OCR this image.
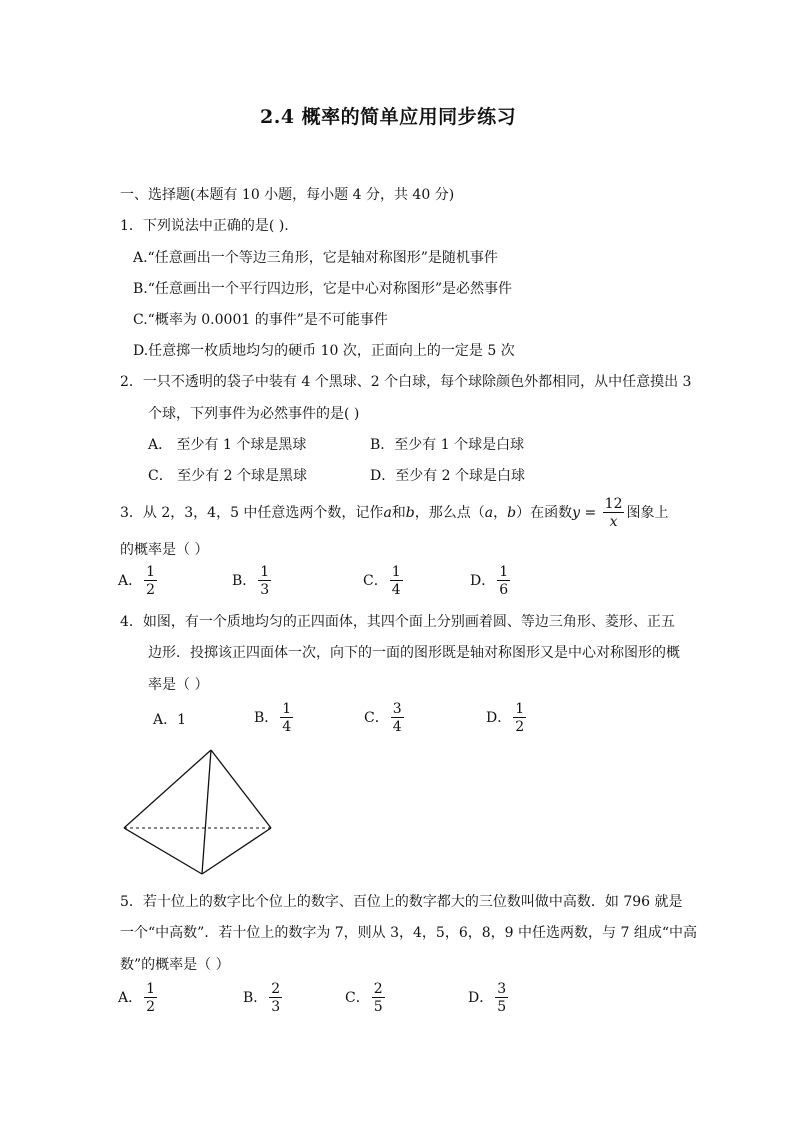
2.4 概率的简单应用同步练习
一、选择题(本题有 10 小题，每小题 4 分，共 40 分)
1．下列说法中正确的是( ).
A.“任意画出一个等边三角形，它是轴对称图形”是随机事件
B.“任意画出一个平行四边形，它是中心对称图形”是必然事件
C.“概率为 0.0001 的事件”是不可能事件
D.任意掷一枚质地均匀的硬币 10 次，正面向上的一定是 5 次
2．一只不透明的袋子中装有 4 个黑球、2 个白球，每个球除颜色外都相同，从中任意摸出 3
个球，下列事件为必然事件的是( )
A． 至少有 1 个球是黑球	B．至少有 1 个球是白球
C． 至少有 2 个球是黑球	D．至少有 2 个球是白球
3．从 2，3，4，5 中任意选两个数，记作 a 和 b ，那么点（ a ， b ）在函数 $y = \frac{12}{x}$ 图象上
的概率是（ ）
A． $\frac{1}{2}$	B． $\frac{1}{3}$	C． $\frac{1}{4}$	D． $\frac{1}{6}$
4．如图，有一个质地均匀的正四面体，其四个面上分别画着圆、等边三角形、菱形、正五
边形．投掷该正四面体一次，向下的一面的图形既是轴对称图形又是中心对称图形的概
率是（ ）
A．1	B． $\frac{1}{4}$	C． $\frac{3}{4}$	D． $\frac{1}{2}$
5．若十位上的数字比个位上的数字、百位上的数字都大的三位数叫做中高数．如 796 就是
一个“中高数”．若十位上的数字为 7，则从 3，4，5，6，8，9 中任选两数，与 7 组成“中高
数”的概率是（ ）
A． $\frac{1}{2}$	B． $\frac{2}{3}$	C． $\frac{2}{5}$	D． $\frac{3}{5}$
